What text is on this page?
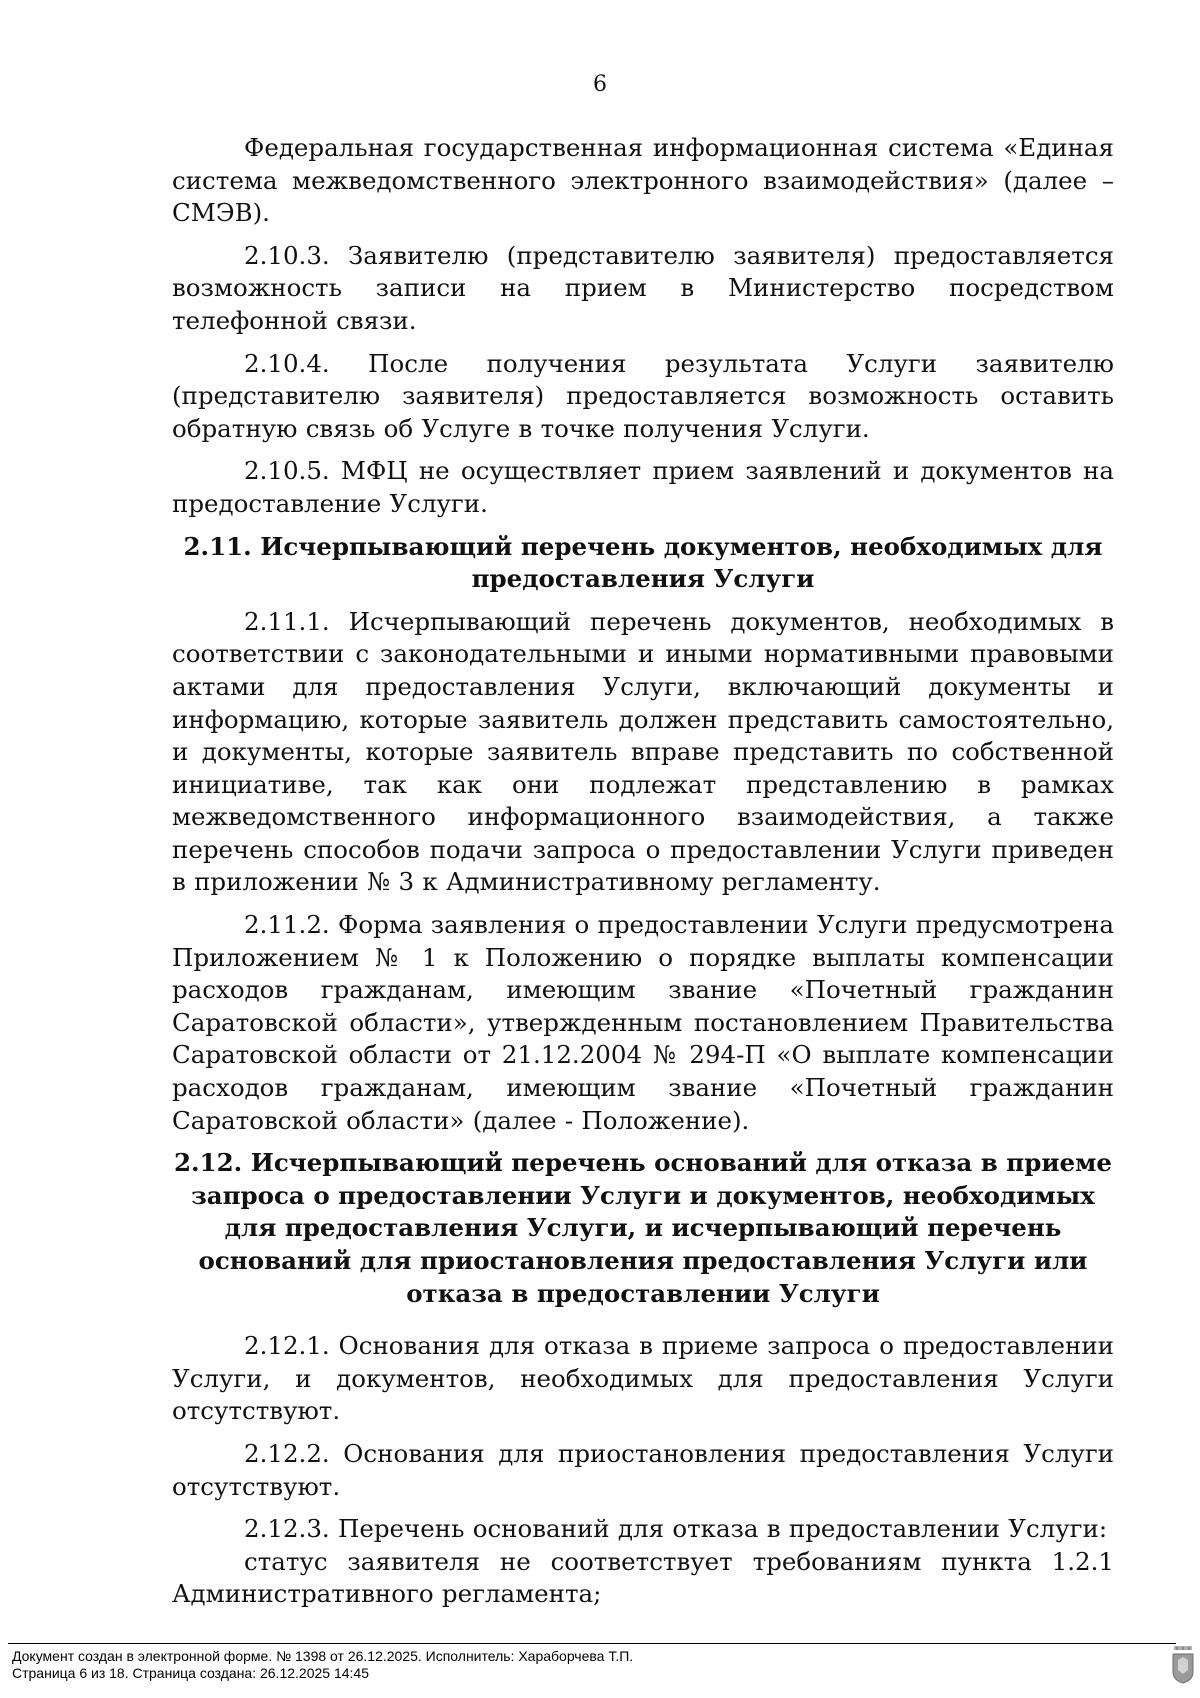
6

Федеральная государственная информационная система «Единая система межведомственного электронного взаимодействия» (далее – СМЭВ).

2.10.3. Заявителю (представителю заявителя) предоставляется возможность записи на прием в Министерство посредством телефонной связи.

2.10.4. После получения результата Услуги заявителю (представителю заявителя) предоставляется возможность оставить обратную связь об Услуге в точке получения Услуги.

2.10.5. МФЦ не осуществляет прием заявлений и документов на предоставление Услуги.

2.11. Исчерпывающий перечень документов, необходимых для предоставления Услуги

2.11.1. Исчерпывающий перечень документов, необходимых в соответствии с законодательными и иными нормативными правовыми актами для предоставления Услуги, включающий документы и информацию, которые заявитель должен представить самостоятельно, и документы, которые заявитель вправе представить по собственной инициативе, так как они подлежат представлению в рамках межведомственного информационного взаимодействия, а также перечень способов подачи запроса о предоставлении Услуги приведен в приложении № 3 к Административному регламенту.

2.11.2. Форма заявления о предоставлении Услуги предусмотрена Приложением № 1 к Положению о порядке выплаты компенсации расходов гражданам, имеющим звание «Почетный гражданин Саратовской области», утвержденным постановлением Правительства Саратовской области от 21.12.2004 № 294-П «О выплате компенсации расходов гражданам, имеющим звание «Почетный гражданин Саратовской области» (далее - Положение).

2.12. Исчерпывающий перечень оснований для отказа в приеме запроса о предоставлении Услуги и документов, необходимых для предоставления Услуги, и исчерпывающий перечень оснований для приостановления предоставления Услуги или отказа в предоставлении Услуги

2.12.1. Основания для отказа в приеме запроса о предоставлении Услуги, и документов, необходимых для предоставления Услуги отсутствуют.

2.12.2. Основания для приостановления предоставления Услуги отсутствуют.

2.12.3. Перечень оснований для отказа в предоставлении Услуги:

статус заявителя не соответствует требованиям пункта 1.2.1 Административного регламента;

Документ создан в электронной форме. № 1398 от 26.12.2025. Исполнитель: Хараборчева Т.П.
Страница 6 из 18. Страница создана: 26.12.2025 14:45
